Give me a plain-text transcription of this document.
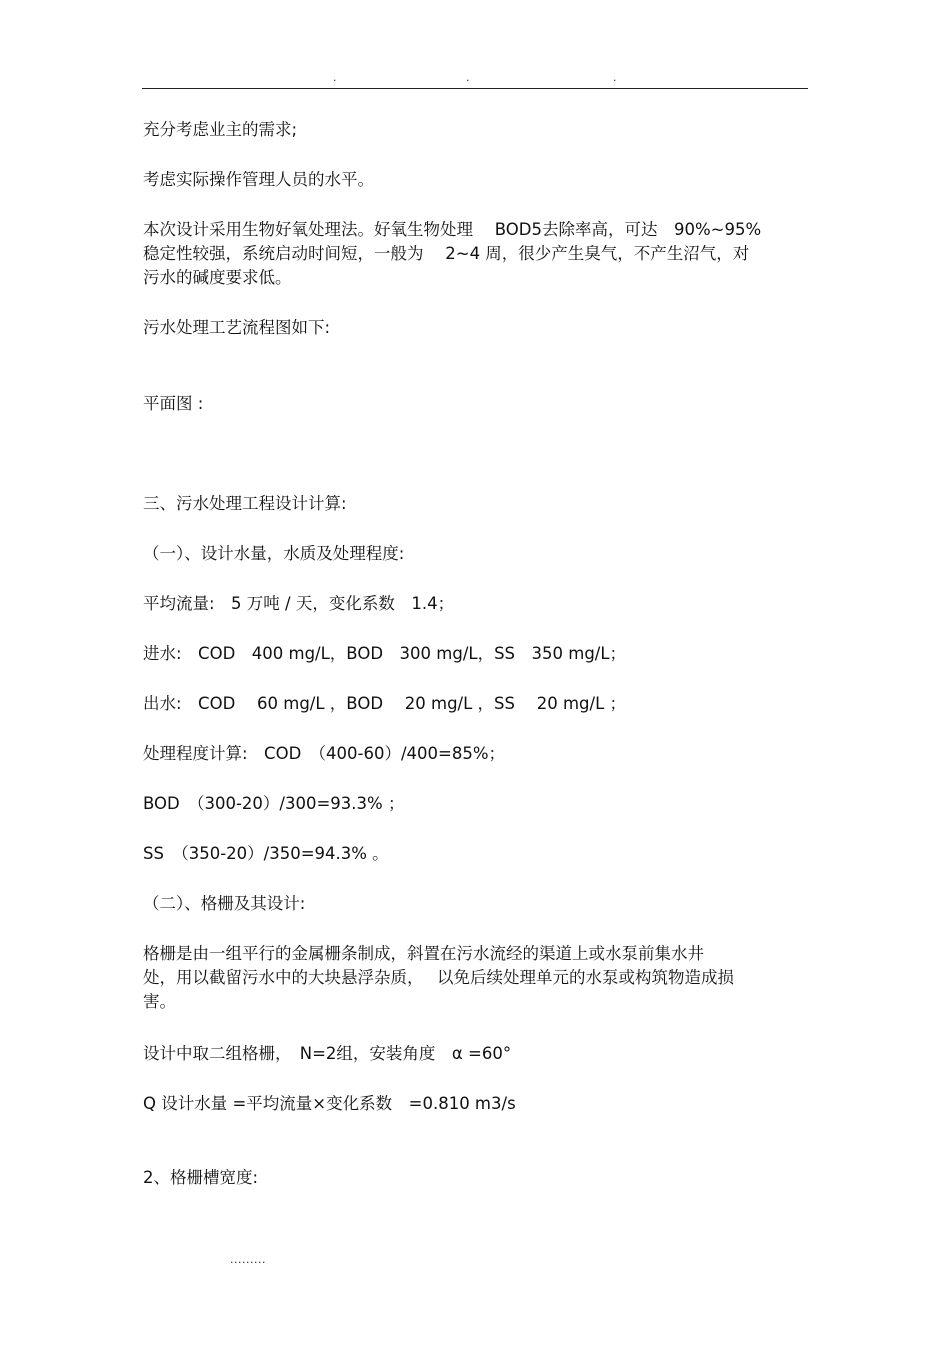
.	.	.
充分考虑业主的需求;
考虑实际操作管理人员的水平。
本次设计采用生物好氧处理法。好氧生物处理　 BOD5去除率高，可达　90%~95%
稳定性较强，系统启动时间短，一般为　 2~4 周，很少产生臭气，不产生沼气，对
污水的碱度要求低。
污水处理工艺流程图如下:
平面图 :
三、污水处理工程设计计算:
（一）、设计水量，水质及处理程度:
平均流量:　5 万吨 / 天，变化系数　1.4；
进水:　COD　400 mg/L，BOD　300 mg/L，SS　350 mg/L；
出水:　COD　 60 mg/L ，BOD　 20 mg/L ，SS　 20 mg/L ；
处理程度计算:　COD　（400-60）/400=85%；
BOD　（300-20）/300=93.3% ；
SS　（350-20）/350=94.3% 。
（二）、格栅及其设计:
格栅是由一组平行的金属栅条制成，斜置在污水流经的渠道上或水泵前集水井
处，用以截留污水中的大块悬浮杂质，　 以免后续处理单元的水泵或构筑物造成损
害。
设计中取二组格栅，　N=2组，安装角度　α =60°
Q 设计水量 =平均流量×变化系数　=0.810 m3/s
2、格栅槽宽度:
.........
